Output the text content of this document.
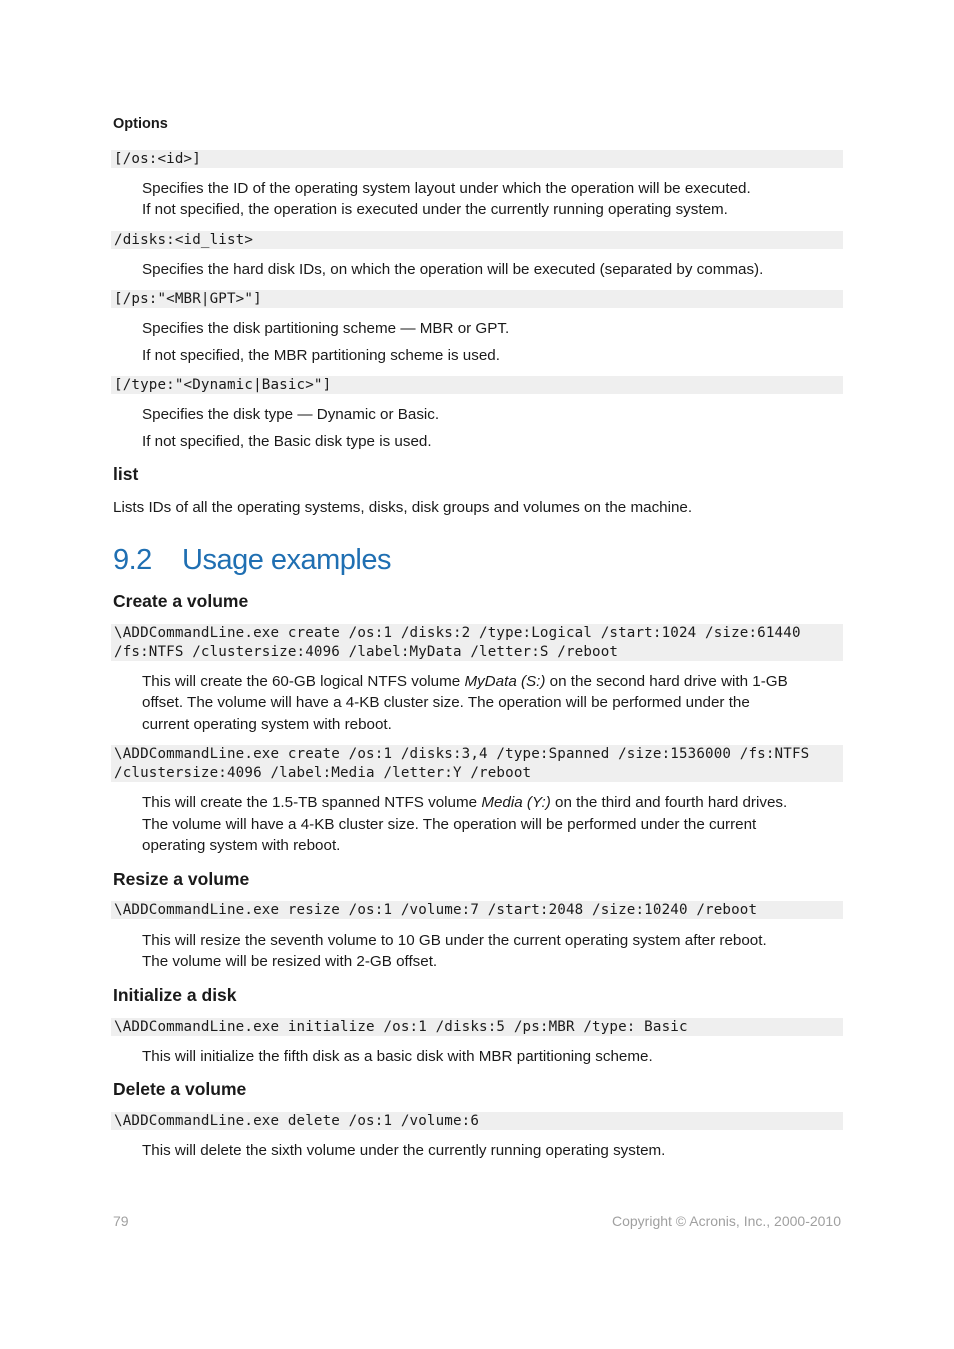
Options
[/os:<id>]
Specifies the ID of the operating system layout under which the operation will be executed.
If not specified, the operation is executed under the currently running operating system.
/disks:<id_list>
Specifies the hard disk IDs, on which the operation will be executed (separated by commas).
[/ps:"<MBR|GPT>"]
Specifies the disk partitioning scheme — MBR or GPT.
If not specified, the MBR partitioning scheme is used.
[/type:"<Dynamic|Basic>"]
Specifies the disk type — Dynamic or Basic.
If not specified, the Basic disk type is used.
list
Lists IDs of all the operating systems, disks, disk groups and volumes on the machine.
9.2 Usage examples
Create a volume
\ADDCommandLine.exe create /os:1 /disks:2 /type:Logical /start:1024 /size:61440
/fs:NTFS /clustersize:4096 /label:MyData /letter:S /reboot
This will create the 60-GB logical NTFS volume MyData (S:) on the second hard drive with 1-GB
offset. The volume will have a 4-KB cluster size. The operation will be performed under the
current operating system with reboot.
\ADDCommandLine.exe create /os:1 /disks:3,4 /type:Spanned /size:1536000 /fs:NTFS
/clustersize:4096 /label:Media /letter:Y /reboot
This will create the 1.5-TB spanned NTFS volume Media (Y:) on the third and fourth hard drives.
The volume will have a 4-KB cluster size. The operation will be performed under the current
operating system with reboot.
Resize a volume
\ADDCommandLine.exe resize /os:1 /volume:7 /start:2048 /size:10240 /reboot
This will resize the seventh volume to 10 GB under the current operating system after reboot.
The volume will be resized with 2-GB offset.
Initialize a disk
\ADDCommandLine.exe initialize /os:1 /disks:5 /ps:MBR /type: Basic
This will initialize the fifth disk as a basic disk with MBR partitioning scheme.
Delete a volume
\ADDCommandLine.exe delete /os:1 /volume:6
This will delete the sixth volume under the currently running operating system.
79	Copyright © Acronis, Inc., 2000-2010
